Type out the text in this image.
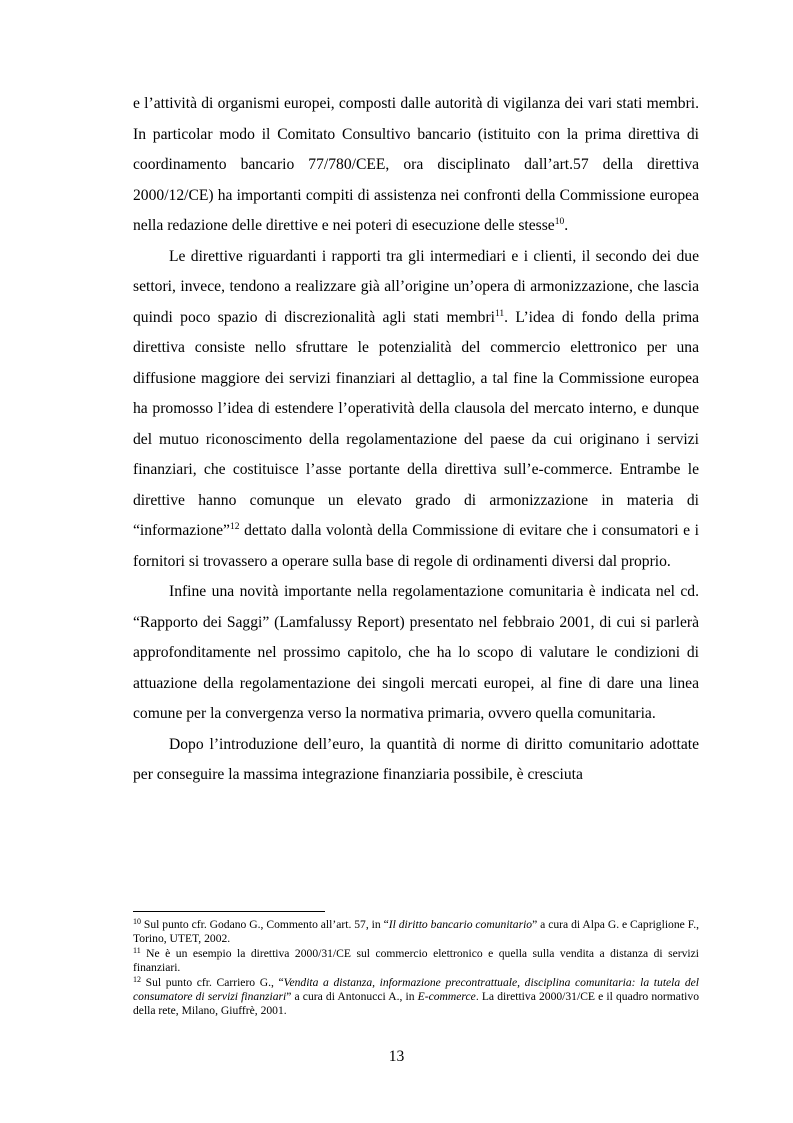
e l’attività di organismi europei, composti dalle autorità di vigilanza dei vari stati membri. In particolar modo il Comitato Consultivo bancario (istituito con la prima direttiva di coordinamento bancario 77/780/CEE, ora disciplinato dall’art.57 della direttiva 2000/12/CE) ha importanti compiti di assistenza nei confronti della Commissione europea nella redazione delle direttive e nei poteri di esecuzione delle stesse$^{10}$.

Le direttive riguardanti i rapporti tra gli intermediari e i clienti, il secondo dei due settori, invece, tendono a realizzare già all’origine un’opera di armonizzazione, che lascia quindi poco spazio di discrezionalità agli stati membri$^{11}$. L’idea di fondo della prima direttiva consiste nello sfruttare le potenzialità del commercio elettronico per una diffusione maggiore dei servizi finanziari al dettaglio, a tal fine la Commissione europea ha promosso l’idea di estendere l’operatività della clausola del mercato interno, e dunque del mutuo riconoscimento della regolamentazione del paese da cui originano i servizi finanziari, che costituisce l’asse portante della direttiva sull’e-commerce. Entrambe le direttive hanno comunque un elevato grado di armonizzazione in materia di “informazione”$^{12}$ dettato dalla volontà della Commissione di evitare che i consumatori e i fornitori si trovassero a operare sulla base di regole di ordinamenti diversi dal proprio.

Infine una novità importante nella regolamentazione comunitaria è indicata nel cd. “Rapporto dei Saggi” (Lamfalussy Report) presentato nel febbraio 2001, di cui si parlerà approfonditamente nel prossimo capitolo, che ha lo scopo di valutare le condizioni di attuazione della regolamentazione dei singoli mercati europei, al fine di dare una linea comune per la convergenza verso la normativa primaria, ovvero quella comunitaria.

Dopo l’introduzione dell’euro, la quantità di norme di diritto comunitario adottate per conseguire la massima integrazione finanziaria possibile, è cresciuta

$^{10}$ Sul punto cfr. Godano G., Commento all’art. 57, in “Il diritto bancario comunitario” a cura di Alpa G. e Capriglione F., Torino, UTET, 2002.

$^{11}$ Ne è un esempio la direttiva 2000/31/CE sul commercio elettronico e quella sulla vendita a distanza di servizi finanziari.

$^{12}$ Sul punto cfr. Carriero G., “Vendita a distanza, informazione precontrattuale, disciplina comunitaria: la tutela del consumatore di servizi finanziari” a cura di Antonucci A., in E-commerce. La direttiva 2000/31/CE e il quadro normativo della rete, Milano, Giuffrè, 2001.

13
